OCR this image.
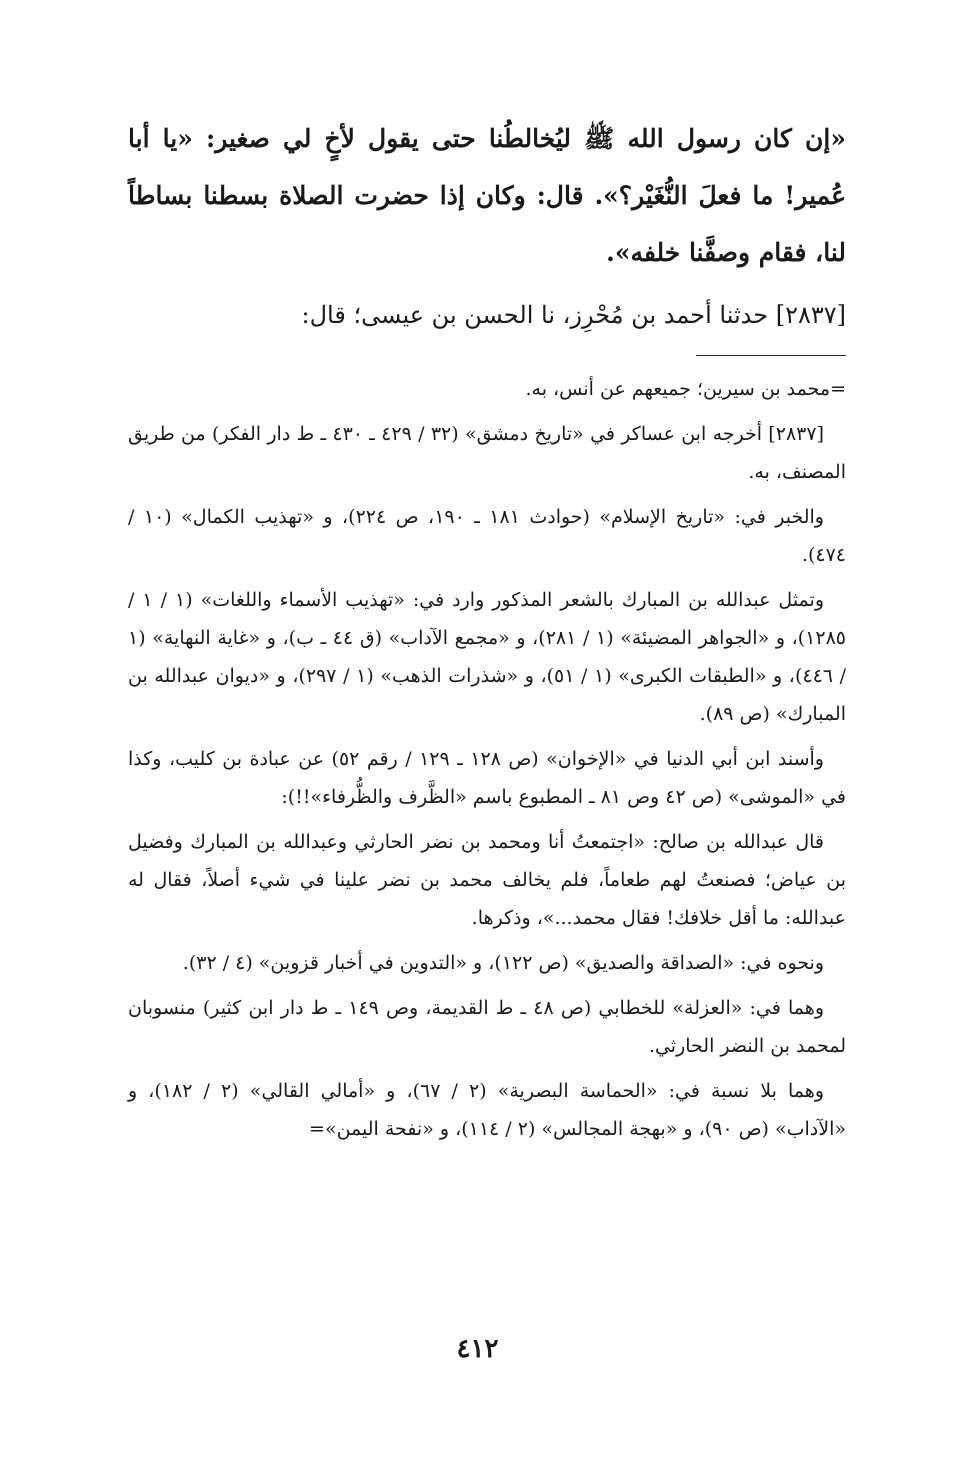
«إن كان رسول الله ﷺ ليُخالطُنا حتى يقول لأخٍ لي صغير: «يا أبا عُمير! ما فعلَ النُّغَيْر؟». قال: وكان إذا حضرت الصلاة بسطنا بساطاً لنا، فقام وصفَّنا خلفه».

[٢٨٣٧] حدثنا أحمد بن مُحْرِز، نا الحسن بن عيسى؛ قال:

=محمد بن سيرين؛ جميعهم عن أنس، به.

[٢٨٣٧] أخرجه ابن عساكر في «تاريخ دمشق» (٣٢ / ٤٢٩ ـ ٤٣٠ ـ ط دار الفكر) من طريق المصنف، به.

والخبر في: «تاريخ الإسلام» (حوادث ١٨١ ـ ١٩٠، ص ٢٢٤)، و «تهذيب الكمال» (١٠ / ٤٧٤).

وتمثل عبدالله بن المبارك بالشعر المذكور وارد في: «تهذيب الأسماء واللغات» (١ / ١ / ١٢٨٥)، و «الجواهر المضيئة» (١ / ٢٨١)، و «مجمع الآداب» (ق ٤٤ ـ ب)، و «غاية النهاية» (١ / ٤٤٦)، و «الطبقات الكبرى» (١ / ٥١)، و «شذرات الذهب» (١ / ٢٩٧)، و «ديوان عبدالله بن المبارك» (ص ٨٩).

وأسند ابن أبي الدنيا في «الإخوان» (ص ١٢٨ ـ ١٢٩ / رقم ٥٢) عن عبادة بن كليب، وكذا في «الموشى» (ص ٤٢ وص ٨١ ـ المطبوع باسم «الظَّرف والظُّرفاء»!!):

قال عبدالله بن صالح: «اجتمعتُ أنا ومحمد بن نضر الحارثي وعبدالله بن المبارك وفضيل بن عياض؛ فصنعتُ لهم طعاماً، فلم يخالف محمد بن نضر علينا في شيء أصلاً، فقال له عبدالله: ما أقل خلافك! فقال محمد...»، وذكرها.

ونحوه في: «الصداقة والصديق» (ص ١٢٢)، و «التدوين في أخبار قزوين» (٤ / ٣٢).

وهما في: «العزلة» للخطابي (ص ٤٨ ـ ط القديمة، وص ١٤٩ ـ ط دار ابن كثير) منسوبان لمحمد بن النضر الحارثي.

وهما بلا نسبة في: «الحماسة البصرية» (٢ / ٦٧)، و «أمالي القالي» (٢ / ١٨٢)، و «الآداب» (ص ٩٠)، و «بهجة المجالس» (٢ / ١١٤)، و «نفحة اليمن»=

٤١٢
